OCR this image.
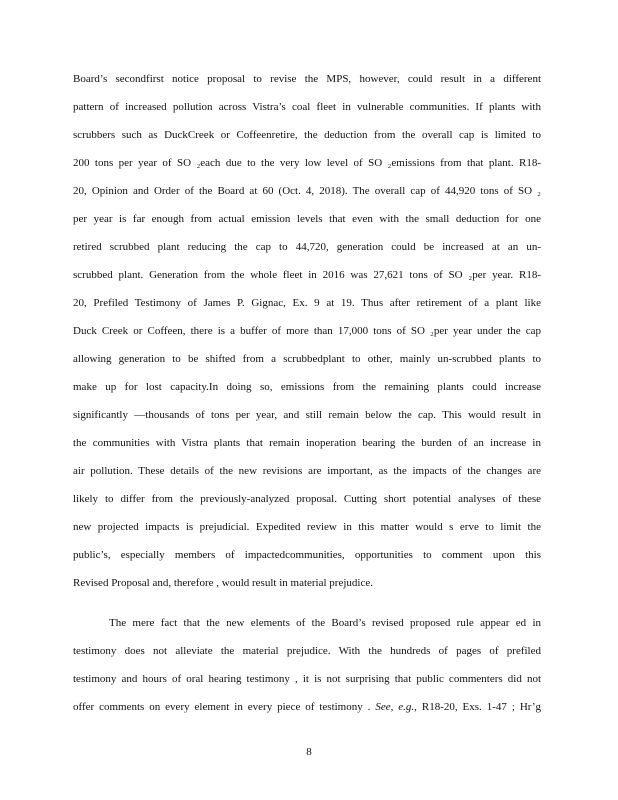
Board’s secondfirst notice proposal to revise the MPS, however, could result in a different
pattern of increased pollution across Vistra’s coal fleet in vulnerable communities. If plants with
scrubbers such as DuckCreek or Coffeenretire, the deduction from the overall cap is limited to
200 tons per year of SO ₂each due to the very low level of SO ₂emissions from that plant. R18-
20, Opinion and Order of the Board at 60 (Oct. 4, 2018). The overall cap of 44,920 tons of SO ₂
per year is far enough from actual emission levels that even with the small deduction for one
retired scrubbed plant reducing the cap to 44,720, generation could be increased at an un-
scrubbed plant. Generation from the whole fleet in 2016 was 27,621 tons of SO ₂per year. R18-
20, Prefiled Testimony of James P. Gignac, Ex. 9 at 19. Thus after retirement of a plant like
Duck Creek or Coffeen, there is a buffer of more than 17,000 tons of SO ₂per year under the cap
allowing generation to be shifted from a scrubbedplant to other, mainly un-scrubbed plants to
make up for lost capacity.In doing so, emissions from the remaining plants could increase
significantly —thousands of tons per year, and still remain below the cap. This would result in
the communities with Vistra plants that remain inoperation bearing the burden of an increase in
air pollution. These details of the new revisions are important, as the impacts of the changes are
likely to differ from the previously-analyzed proposal. Cutting short potential analyses of these
new projected impacts is prejudicial. Expedited review in this matter would s erve to limit the
public’s, especially members of impactedcommunities, opportunities to comment upon this
Revised Proposal and, therefore , would result in material prejudice.
The mere fact that the new elements of the Board’s revised proposed rule appear ed in
testimony does not alleviate the material prejudice. With the hundreds of pages of prefiled
testimony and hours of oral hearing testimony , it is not surprising that public commenters did not
offer comments on every element in every piece of testimony . See, e.g., R18-20, Exs. 1-47 ; Hr’g
8
